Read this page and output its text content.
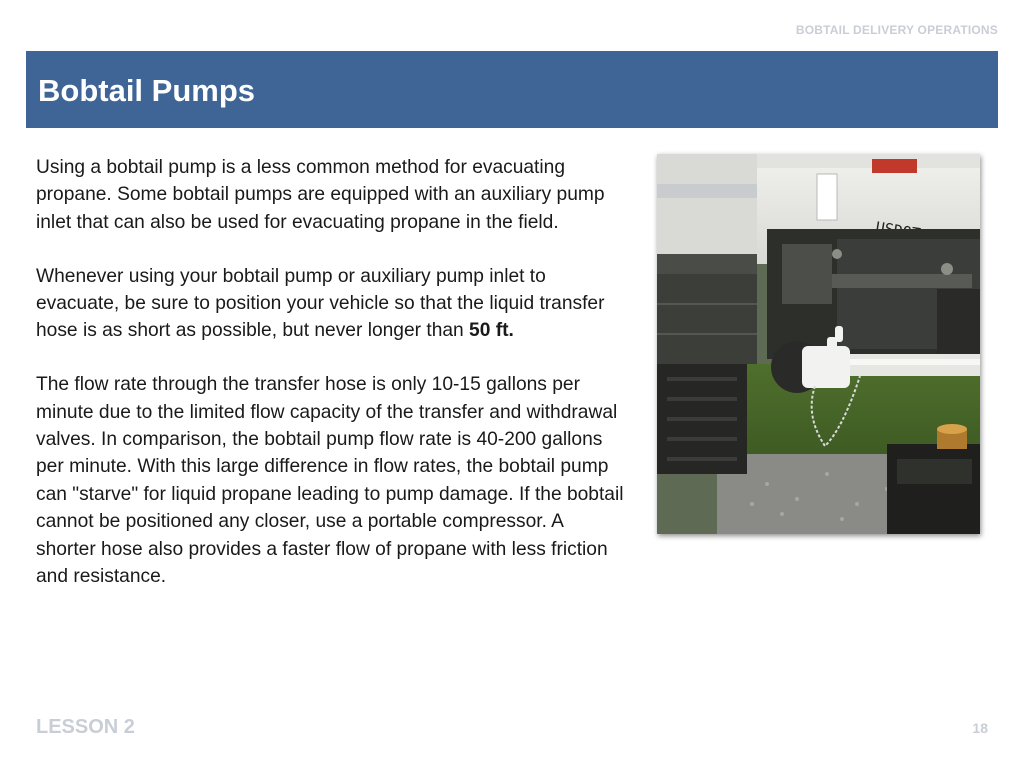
BOBTAIL DELIVERY OPERATIONS
Bobtail Pumps

Using a bobtail pump is a less common method for evacuating propane. Some bobtail pumps are equipped with an auxiliary pump inlet that can also be used for evacuating propane in the field.

Whenever using your bobtail pump or auxiliary pump inlet to evacuate, be sure to position your vehicle so that the liquid transfer hose is as short as possible, but never longer than 50 ft.

The flow rate through the transfer hose is only 10-15 gallons per minute due to the limited flow capacity of the transfer and withdrawal valves. In comparison, the bobtail pump flow rate is 40-200 gallons per minute. With this large difference in flow rates, the bobtail pump can "starve" for liquid propane leading to pump damage. If the bobtail cannot be positioned any closer, use a portable compressor. A shorter hose also provides a faster flow of propane with less friction and resistance.

LESSON 2	18
